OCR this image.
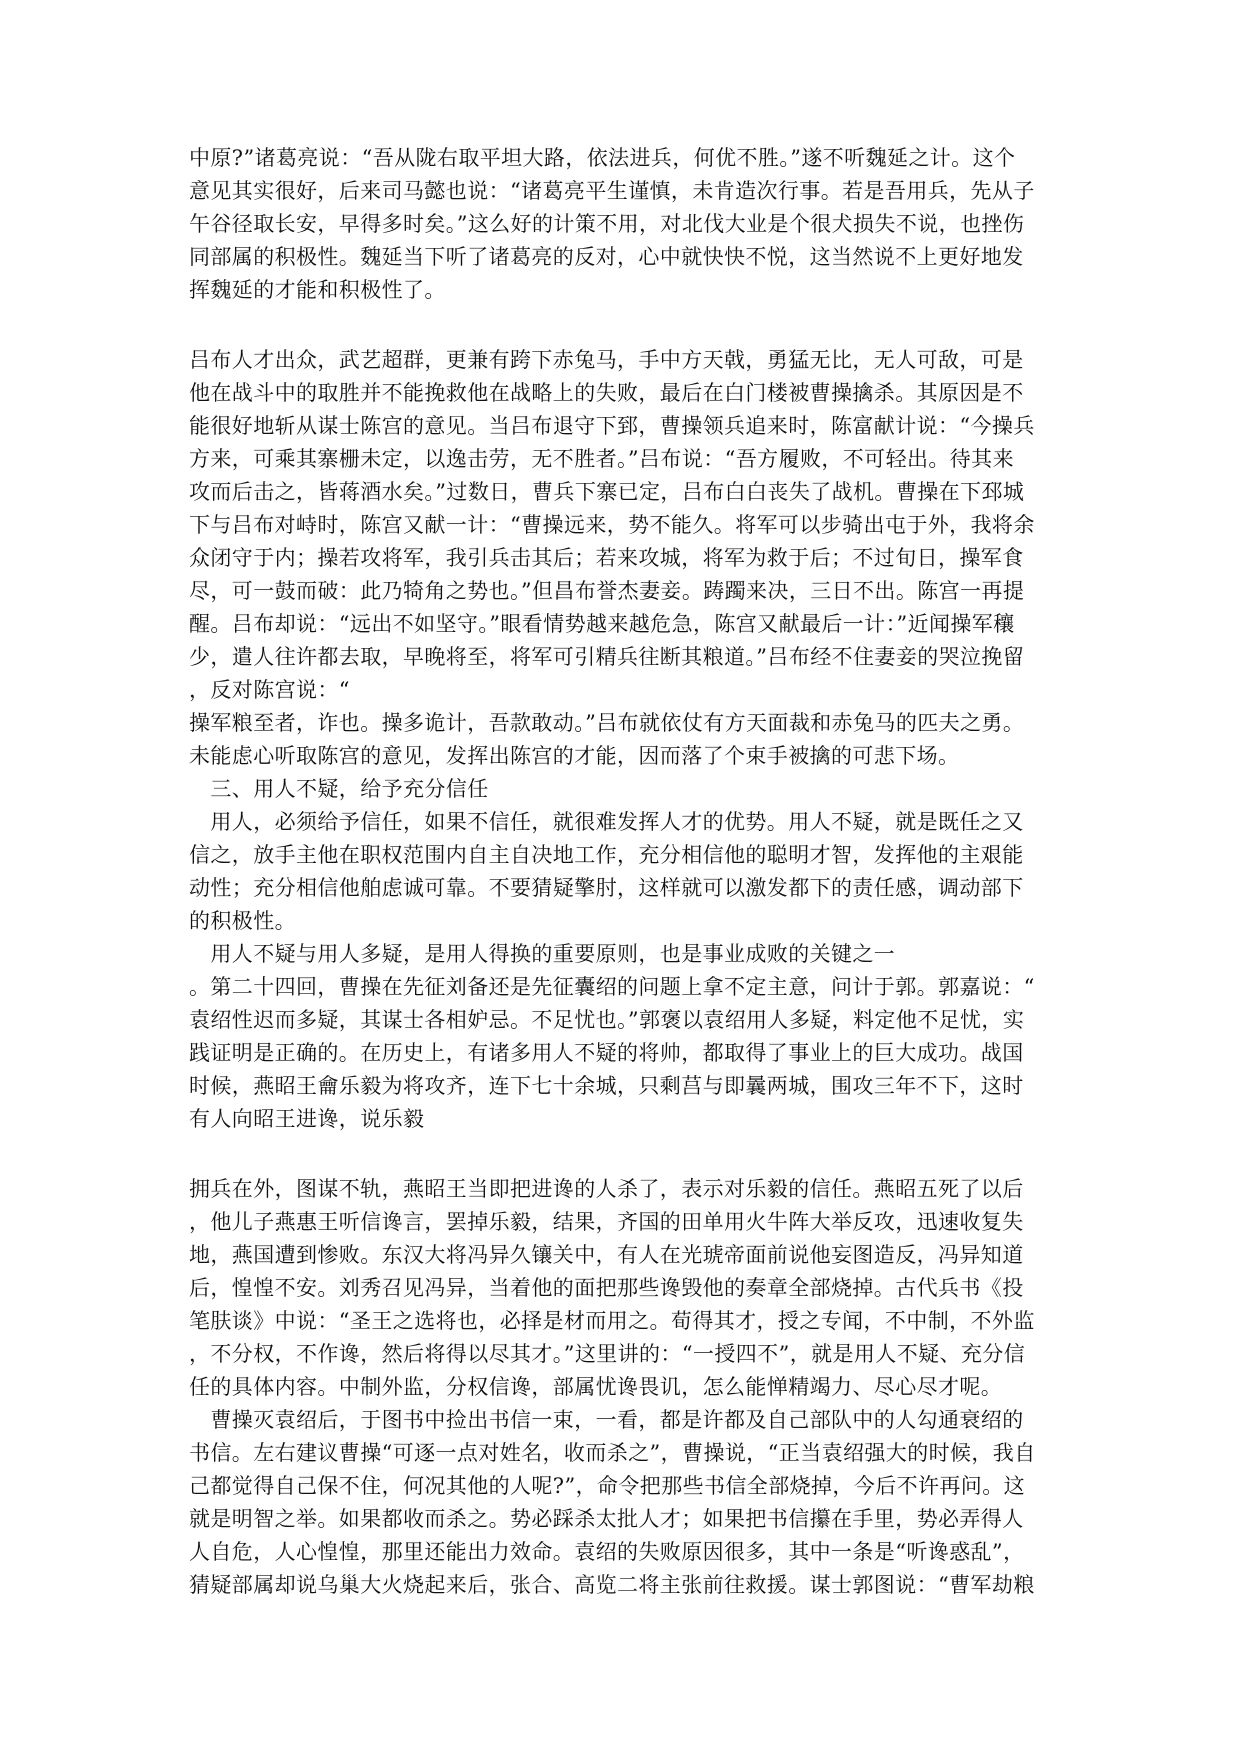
中原?”诸葛亮说：“吾从陇右取平坦大路，依法进兵，何优不胜。”遂不听魏延之计。这个
意见其实很好，后来司马懿也说：“诸葛亮平生谨慎，未肯造次行事。若是吾用兵，先从子
午谷径取长安，早得多时矣。”这么好的计策不用，对北伐大业是个很犬损失不说，也挫伤
同部属的积极性。魏延当下听了诸葛亮的反对，心中就快快不悦，这当然说不上更好地发
挥魏延的才能和积极性了。
吕布人才出众，武艺超群，更兼有跨下赤兔马，手中方天戟，勇猛无比，无人可敌，可是
他在战斗中的取胜并不能挽救他在战略上的失败，最后在白门楼被曹操擒杀。其原因是不
能很好地斩从谋士陈宫的意见。当吕布退守下郅，曹操领兵追来时，陈富献计说：“今操兵
方来，可乘其寨栅未定，以逸击劳，无不胜者。”吕布说：“吾方履败，不可轻出。待其来
攻而后击之，皆蒋酒水矣。”过数日，曹兵下寨已定，吕布白白丧失了战机。曹操在下邳城
下与吕布对峙时，陈宫又献一计：“曹操远来，势不能久。将军可以步骑出屯于外，我将余
众闭守于内；操若攻将军，我引兵击其后；若来攻城，将军为救于后；不过旬日，操军食
尽，可一鼓而破：此乃犄角之势也。”但昌布誉杰妻妾。踌躅来决，三日不出。陈宫一再提
醒。吕布却说：“远出不如坚守。”眼看情势越来越危急，陈宫又献最后一计：”近闻操军穰
少，遣人往许都去取，早晚将至，将军可引精兵往断其粮道。”吕布经不住妻妾的哭泣挽留
，反对陈宫说：“
操军粮至者，诈也。操多诡计，吾款敢动。”吕布就依仗有方天面裁和赤兔马的匹夫之勇。
未能虑心听取陈宫的意见，发挥出陈宫的才能，因而落了个束手被擒的可悲下场。
　三、用人不疑，给予充分信任
　用人，必须给予信任，如果不信任，就很难发挥人才的优势。用人不疑，就是既任之又
信之，放手主他在职权范围内自主自决地工作，充分相信他的聪明才智，发挥他的主艰能
动性；充分相信他舶虑诚可靠。不要猜疑擎肘，这样就可以激发都下的责任感，调动部下
的积极性。
　用人不疑与用人多疑，是用人得换的重要原则，也是事业成败的关键之一
。第二十四回，曹操在先征刘备还是先征囊绍的问题上拿不定主意，问计于郭。郭嘉说：“
袁绍性迟而多疑，其谋士各相妒忌。不足忧也。”郭褒以袁绍用人多疑，料定他不足忧，实
践证明是正确的。在历史上，有诸多用人不疑的将帅，都取得了事业上的巨大成功。战国
时候，燕昭王龠乐毅为将攻齐，连下七十余城，只剩莒与即曩两城，围攻三年不下，这时
有人向昭王进谗，说乐毅
拥兵在外，图谋不轨，燕昭王当即把进谗的人杀了，表示对乐毅的信任。燕昭五死了以后
，他儿子燕惠王听信谗言，罢掉乐毅，结果，齐国的田单用火牛阵大举反攻，迅速收复失
地，燕国遭到惨败。东汉大将冯异久镶关中，有人在光琥帝面前说他妄图造反，冯异知道
后，惶惶不安。刘秀召见冯异，当着他的面把那些谗毁他的奏章全部烧掉。古代兵书《投
笔肤谈》中说：“圣王之选将也，必择是材而用之。荀得其才，授之专闻，不中制，不外监
，不分权，不作谗，然后将得以尽其才。”这里讲的：“一授四不”，就是用人不疑、充分信
任的具体内容。中制外监，分权信谗，部属忧谗畏讥，怎么能惮精竭力、尽心尽才呢。
　曹操灭袁绍后，于图书中捡出书信一束，一看，都是许都及自己部队中的人勾通衰绍的
书信。左右建议曹操“可逐一点对姓名，收而杀之”，曹操说，“正当袁绍强大的时候，我自
己都觉得自己保不住，何况其他的人呢?”，命令把那些书信全部烧掉，今后不许再问。这
就是明智之举。如果都收而杀之。势必踩杀太批人才；如果把书信攥在手里，势必弄得人
人自危，人心惶惶，那里还能出力效命。袁绍的失败原因很多，其中一条是“听谗惑乱”，
猜疑部属却说乌巢大火烧起来后，张合、高览二将主张前往救援。谋士郭图说：“曹军劫粮
